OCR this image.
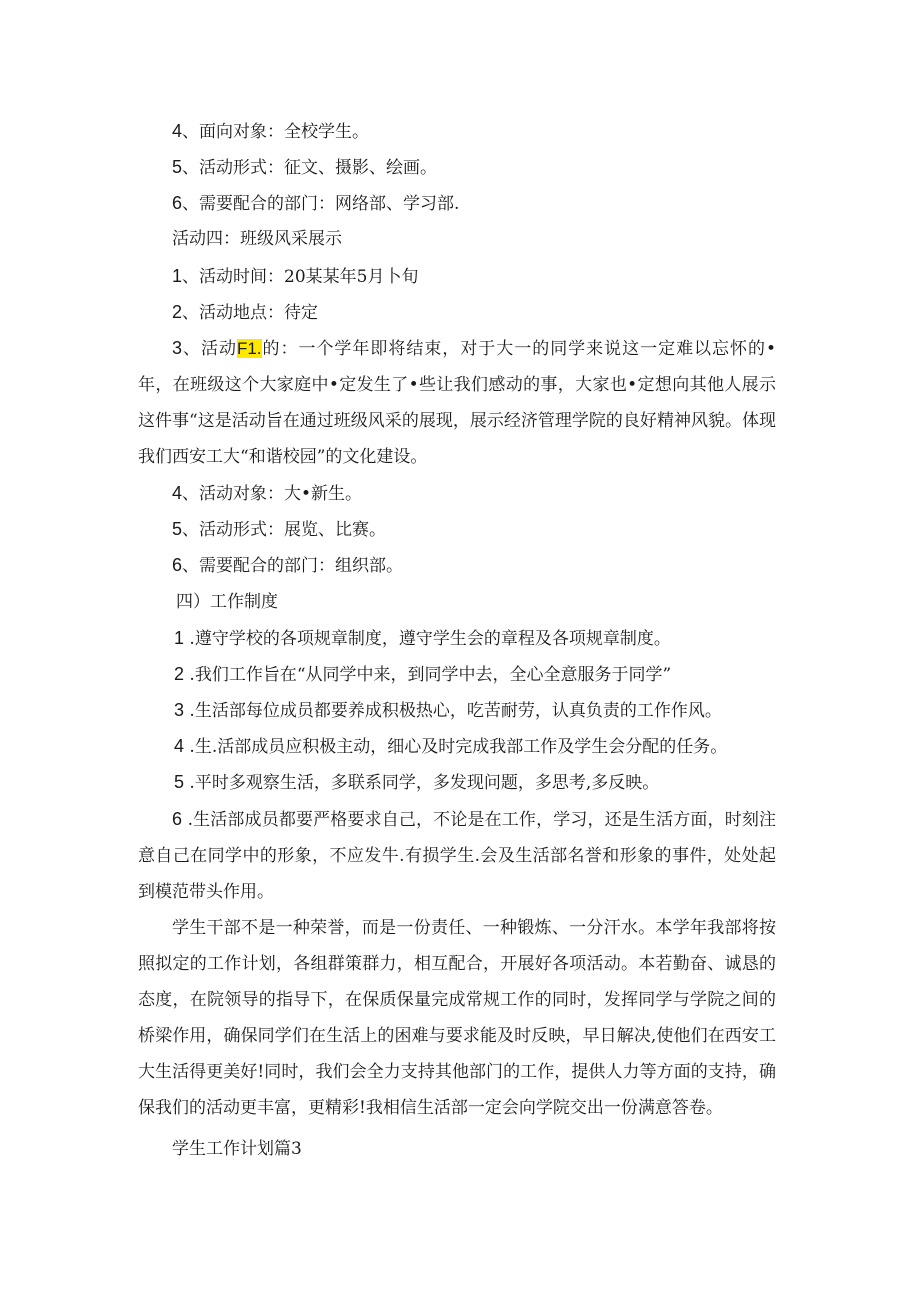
4、面向对象：全校学生。
5、活动形式：征文、摄影、绘画。
6、需要配合的部门：网络部、学习部.
活动四：班级风采展示
1、活动时间：20某某年5月卜旬
2、活动地点：待定
3、活动F1.的：一个学年即将结束，对于大一的同学来说这一定难以忘怀的•年，在班级这个大家庭中•定发生了•些让我们感动的事，大家也•定想向其他人展示这件事“这是活动旨在通过班级风采的展现，展示经济管理学院的良好精神风貌。体现我们西安工大“和谐校园”的文化建设。
4、活动对象：大•新生。
5、活动形式：展览、比赛。
6、需要配合的部门：组织部。
四）工作制度
1 .遵守学校的各项规章制度，遵守学生会的章程及各项规章制度。
2 .我们工作旨在“从同学中来，到同学中去，全心全意服务于同学”
3 .生活部每位成员都要养成积极热心，吃苦耐劳，认真负责的工作作风。
4 .生.活部成员应积极主动，细心及时完成我部工作及学生会分配的任务。
5 .平时多观察生活，多联系同学，多发现问题，多思考,多反映。
6 .生活部成员都要严格要求自己，不论是在工作，学习，还是生活方面，时刻注意自己在同学中的形象，不应发牛.有损学生.会及生活部名誉和形象的事件，处处起到模范带头作用。
学生干部不是一种荣誉，而是一份责任、一种锻炼、一分汗水。本学年我部将按照拟定的工作计划，各组群策群力，相互配合，开展好各项活动。本若勤奋、诚恳的态度，在院领导的指导下，在保质保量完成常规工作的同时，发挥同学与学院之间的桥梁作用，确保同学们在生活上的困难与要求能及时反映，早日解决,使他们在西安工大生活得更美好!同时，我们会全力支持其他部门的工作，提供人力等方面的支持，确保我们的活动更丰富，更精彩!我相信生活部一定会向学院交出一份满意答卷。
学生工作计划篇3
